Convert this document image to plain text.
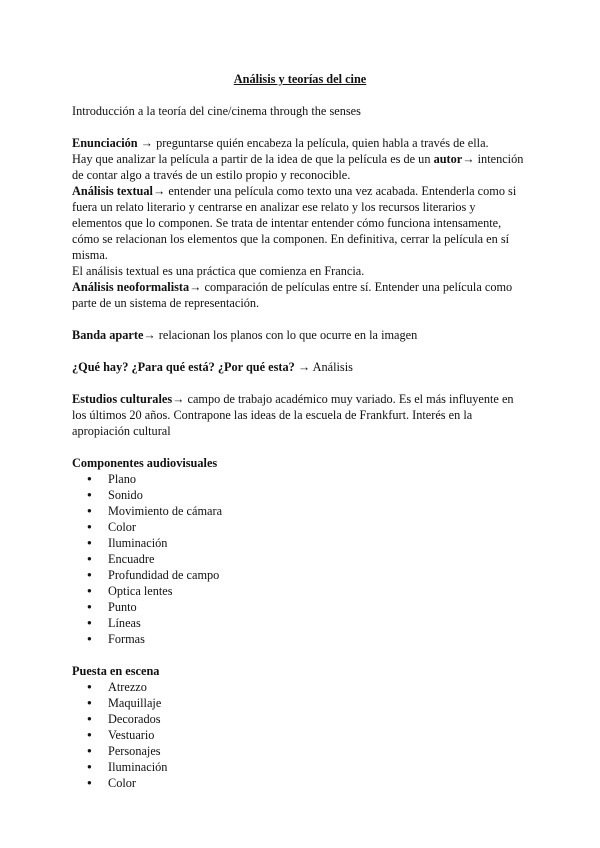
Análisis y teorías del cine

Introducción a la teoría del cine/cinema through the senses

Enunciación → preguntarse quién encabeza la película, quien habla a través de ella.

Hay que analizar la película a partir de la idea de que la película es de un autor→ intención de contar algo a través de un estilo propio y reconocible.

Análisis textual→ entender una película como texto una vez acabada. Entenderla como si fuera un relato literario y centrarse en analizar ese relato y los recursos literarios y elementos que lo componen. Se trata de intentar entender cómo funciona intensamente, cómo se relacionan los elementos que la componen. En definitiva, cerrar la película en sí misma.

El análisis textual es una práctica que comienza en Francia.

Análisis neoformalista→ comparación de películas entre sí. Entender una película como parte de un sistema de representación.

Banda aparte→ relacionan los planos con lo que ocurre en la imagen

¿Qué hay? ¿Para qué está? ¿Por qué esta? → Análisis

Estudios culturales→ campo de trabajo académico muy variado. Es el más influyente en los últimos 20 años. Contrapone las ideas de la escuela de Frankfurt. Interés en la apropiación cultural

Componentes audiovisuales

● Plano
● Sonido
● Movimiento de cámara
● Color
● Iluminación
● Encuadre
● Profundidad de campo
● Optica lentes
● Punto
● Líneas
● Formas

Puesta en escena

● Atrezzo
● Maquillaje
● Decorados
● Vestuario
● Personajes
● Iluminación
● Color
